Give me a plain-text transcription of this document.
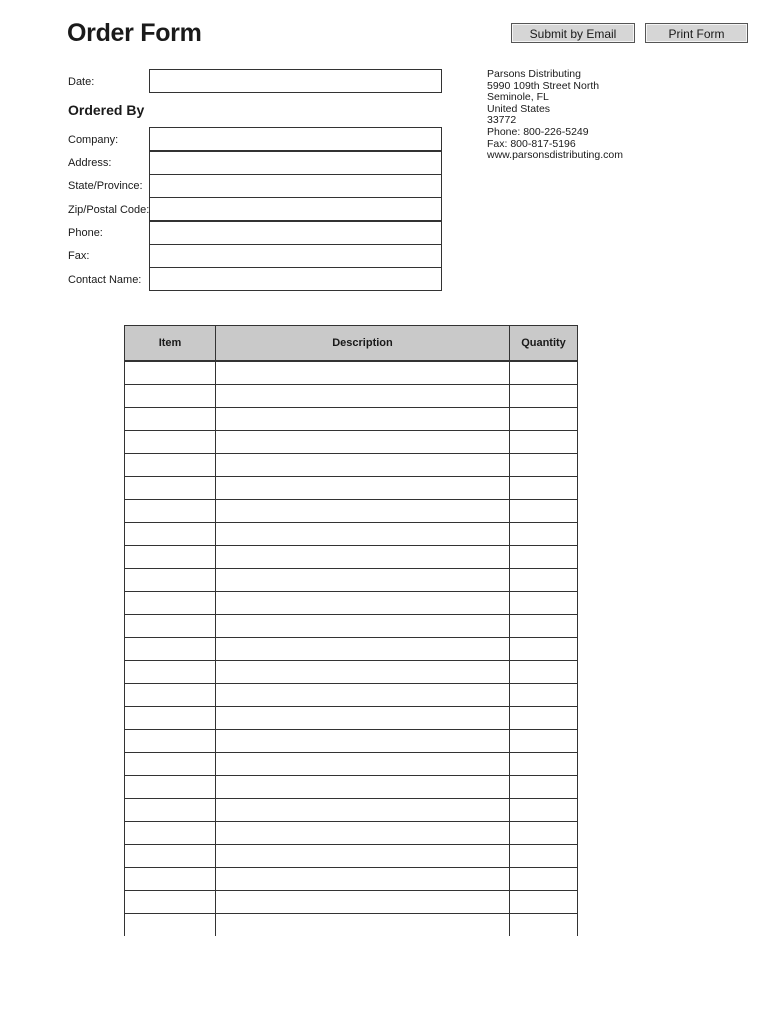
Order Form	Submit by Email	Print Form
Date:
Ordered By
Company:
Address:
State/Province:
Zip/Postal Code:
Phone:
Fax:
Contact Name:
Parsons Distributing
5990 109th Street North
Seminole, FL
United States
33772
Phone: 800-226-5249
Fax: 800-817-5196
www.parsonsdistributing.com
Item	Description	Quantity
